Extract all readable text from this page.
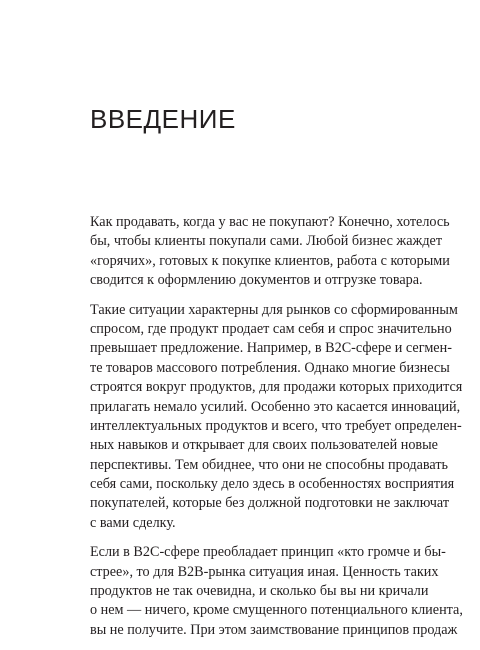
ВВЕДЕНИЕ
Как продавать, когда у вас не покупают? Конечно, хотелось
бы, чтобы клиенты покупали сами. Любой бизнес жаждет
«горячих», готовых к покупке клиентов, работа с которыми
сводится к оформлению документов и отгрузке товара.
Такие ситуации характерны для рынков со сформированным
спросом, где продукт продает сам себя и спрос значительно
превышает предложение. Например, в B2C-сфере и сегмен-
те товаров массового потребления. Однако многие бизнесы
строятся вокруг продуктов, для продажи которых приходится
прилагать немало усилий. Особенно это касается инноваций,
интеллектуальных продуктов и всего, что требует определен-
ных навыков и открывает для своих пользователей новые
перспективы. Тем обиднее, что они не способны продавать
себя сами, поскольку дело здесь в особенностях восприятия
покупателей, которые без должной подготовки не заключат
с вами сделку.
Если в B2C-сфере преобладает принцип «кто громче и бы-
стрее», то для B2B-рынка ситуация иная. Ценность таких
продуктов не так очевидна, и сколько бы вы ни кричали
о нем — ничего, кроме смущенного потенциального клиента,
вы не получите. При этом заимствование принципов продаж
